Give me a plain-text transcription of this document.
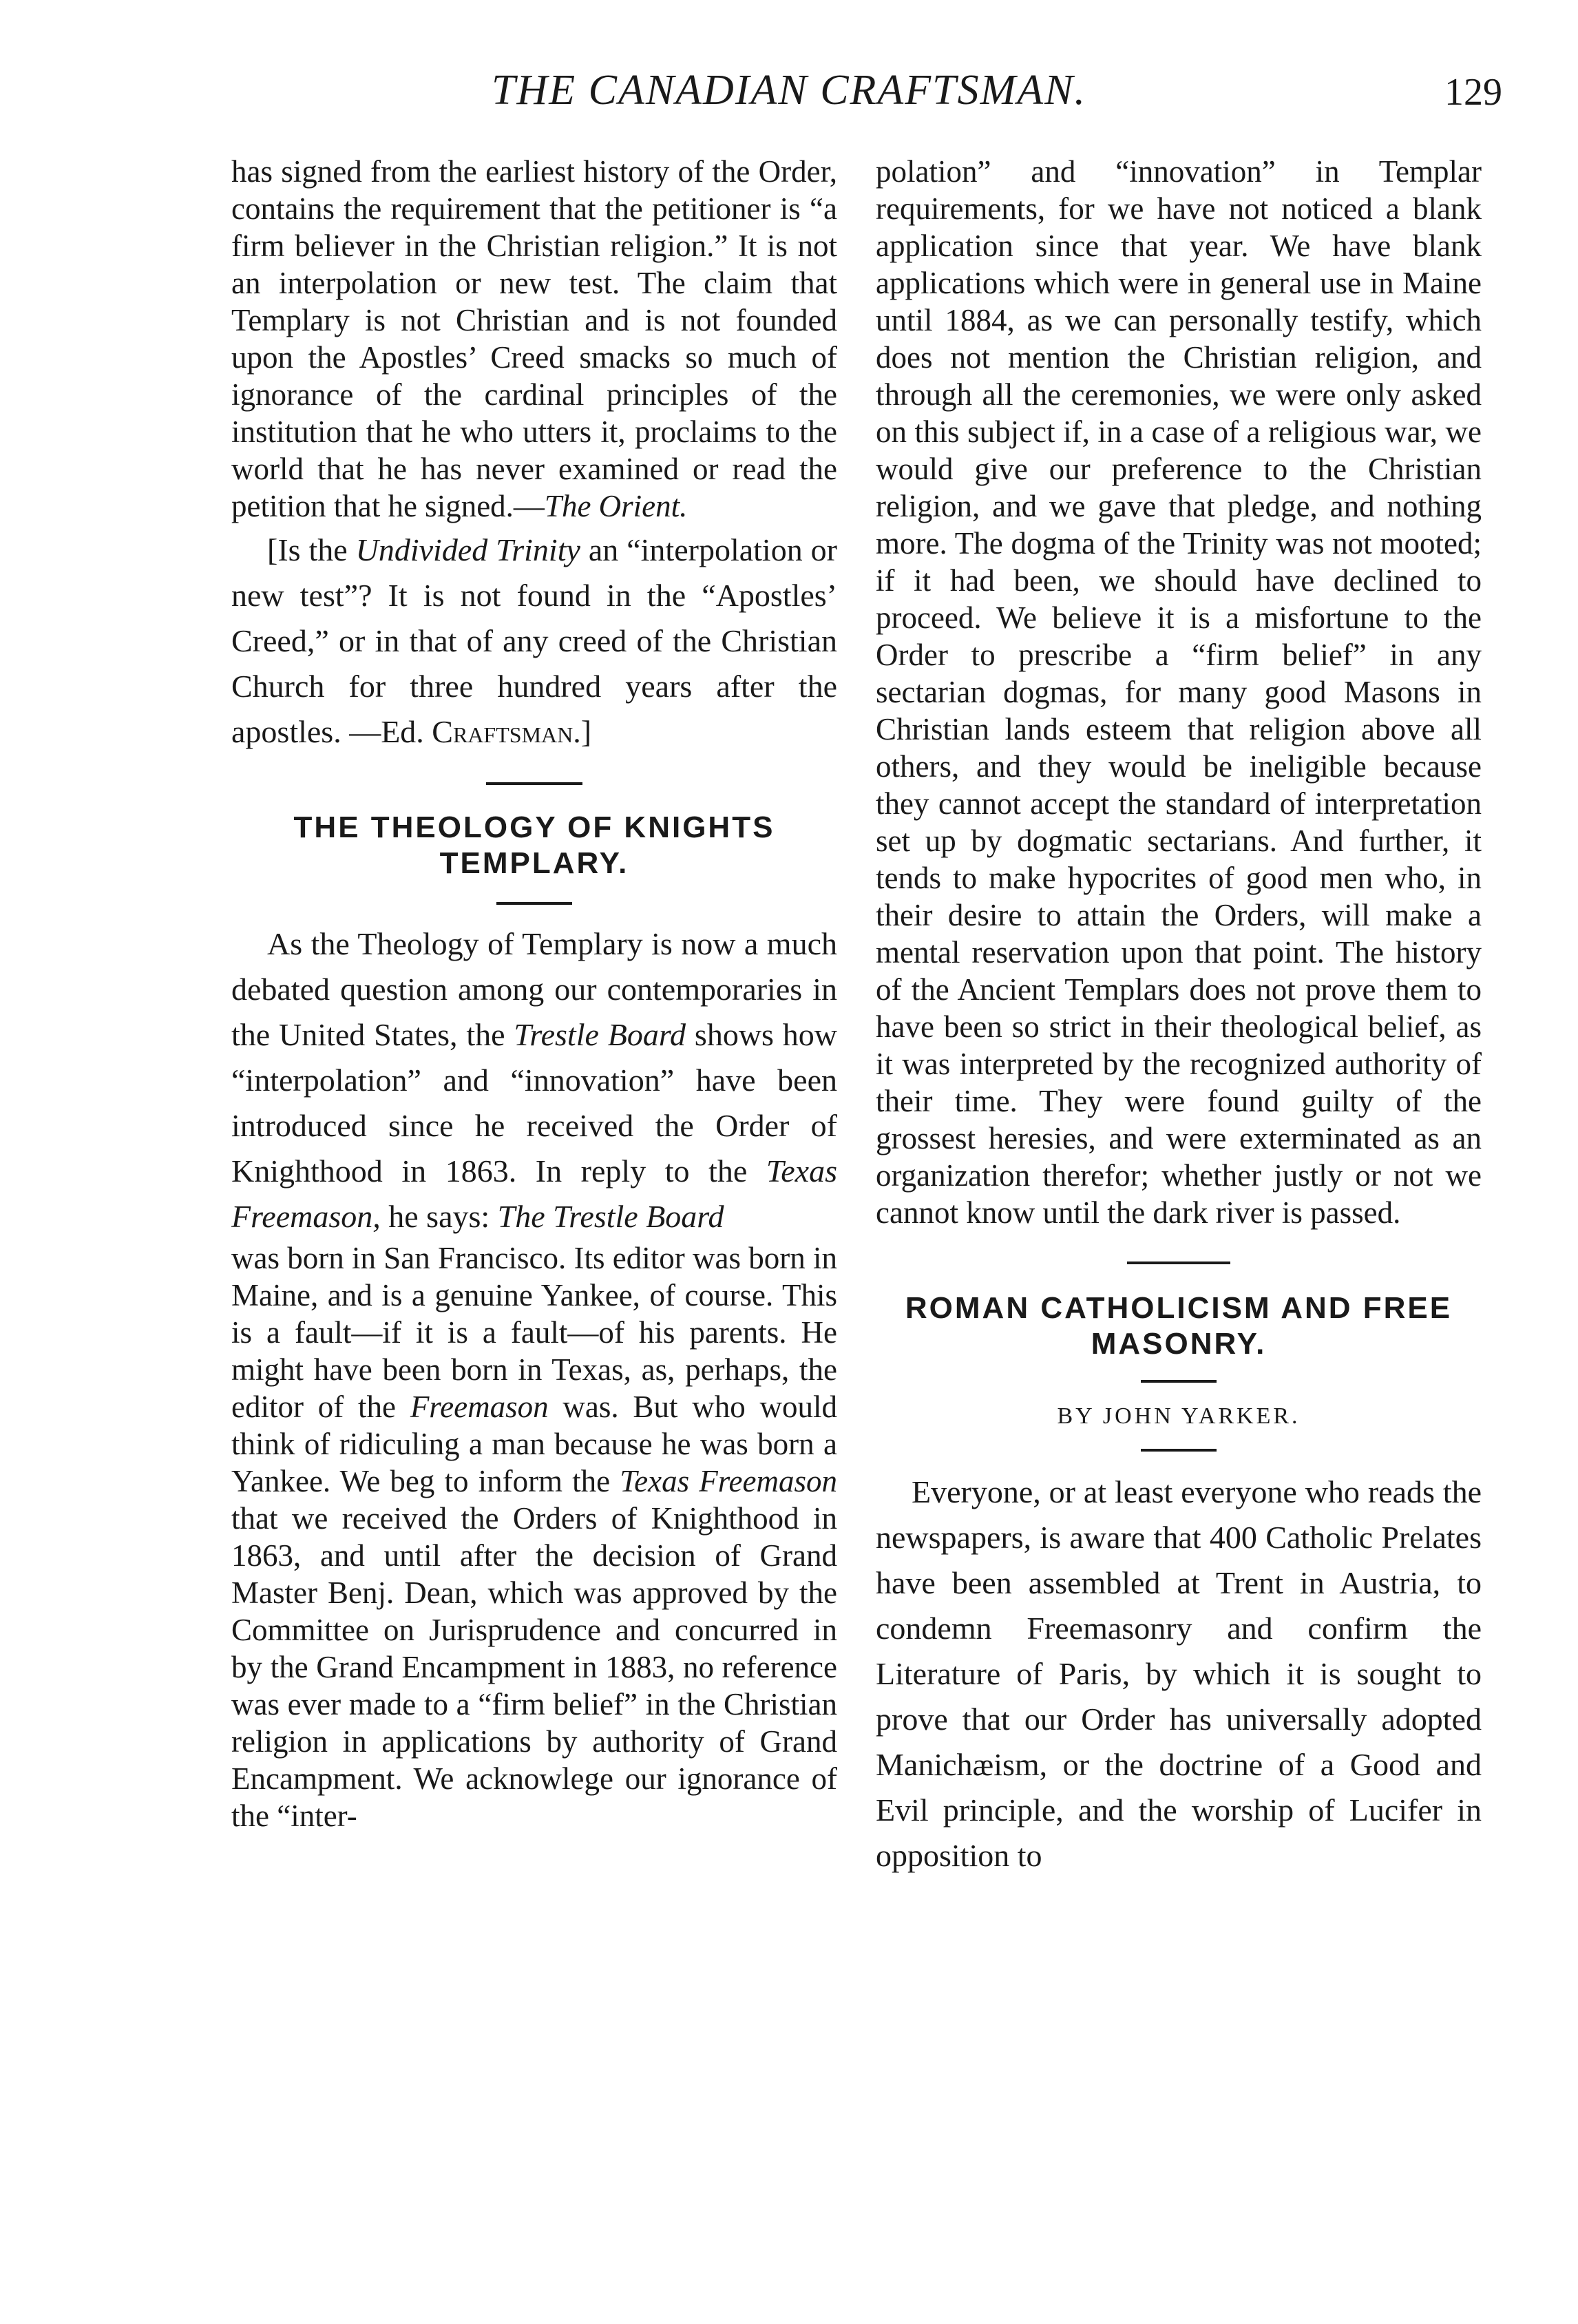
THE CANADIAN CRAFTSMAN.	129

has signed from the earliest history of the Order, contains the requirement that the petitioner is “a firm believer in the Christian religion.” It is not an interpolation or new test. The claim that Templary is not Christian and is not founded upon the Apostles’ Creed smacks so much of ignorance of the cardinal principles of the institution that he who utters it, proclaims to the world that he has never examined or read the petition that he signed.—The Orient.

[Is the Undivided Trinity an “interpolation or new test”? It is not found in the “Apostles’ Creed,” or in that of any creed of the Christian Church for three hundred years after the apostles. —Ed. Craftsman.]

THE THEOLOGY OF KNIGHTS TEMPLARY.

As the Theology of Templary is now a much debated question among our contemporaries in the United States, the Trestle Board shows how “interpolation” and “innovation” have been introduced since he received the Order of Knighthood in 1863. In reply to the Texas Freemason, he says: The Trestle Board

was born in San Francisco. Its editor was born in Maine, and is a genuine Yankee, of course. This is a fault—if it is a fault—of his parents. He might have been born in Texas, as, perhaps, the editor of the Freemason was. But who would think of ridiculing a man because he was born a Yankee. We beg to inform the Texas Freemason that we received the Orders of Knighthood in 1863, and until after the decision of Grand Master Benj. Dean, which was approved by the Committee on Jurisprudence and concurred in by the Grand Encampment in 1883, no reference was ever made to a “firm belief” in the Christian religion in applications by authority of Grand Encampment. We acknowlege our ignorance of the “inter-

polation” and “innovation” in Templar requirements, for we have not noticed a blank application since that year. We have blank applications which were in general use in Maine until 1884, as we can personally testify, which does not mention the Christian religion, and through all the ceremonies, we were only asked on this subject if, in a case of a religious war, we would give our preference to the Christian religion, and we gave that pledge, and nothing more. The dogma of the Trinity was not mooted; if it had been, we should have declined to proceed. We believe it is a misfortune to the Order to prescribe a “firm belief” in any sectarian dogmas, for many good Masons in Christian lands esteem that religion above all others, and they would be ineligible because they cannot accept the standard of interpretation set up by dogmatic sectarians. And further, it tends to make hypocrites of good men who, in their desire to attain the Orders, will make a mental reservation upon that point. The history of the Ancient Templars does not prove them to have been so strict in their theological belief, as it was interpreted by the recognized authority of their time. They were found guilty of the grossest heresies, and were exterminated as an organization therefor; whether justly or not we cannot know until the dark river is passed.

ROMAN CATHOLICISM AND FREE MASONRY.

BY JOHN YARKER.

Everyone, or at least everyone who reads the newspapers, is aware that 400 Catholic Prelates have been assembled at Trent in Austria, to condemn Freemasonry and confirm the Literature of Paris, by which it is sought to prove that our Order has universally adopted Manichæism, or the doctrine of a Good and Evil principle, and the worship of Lucifer in opposition to
